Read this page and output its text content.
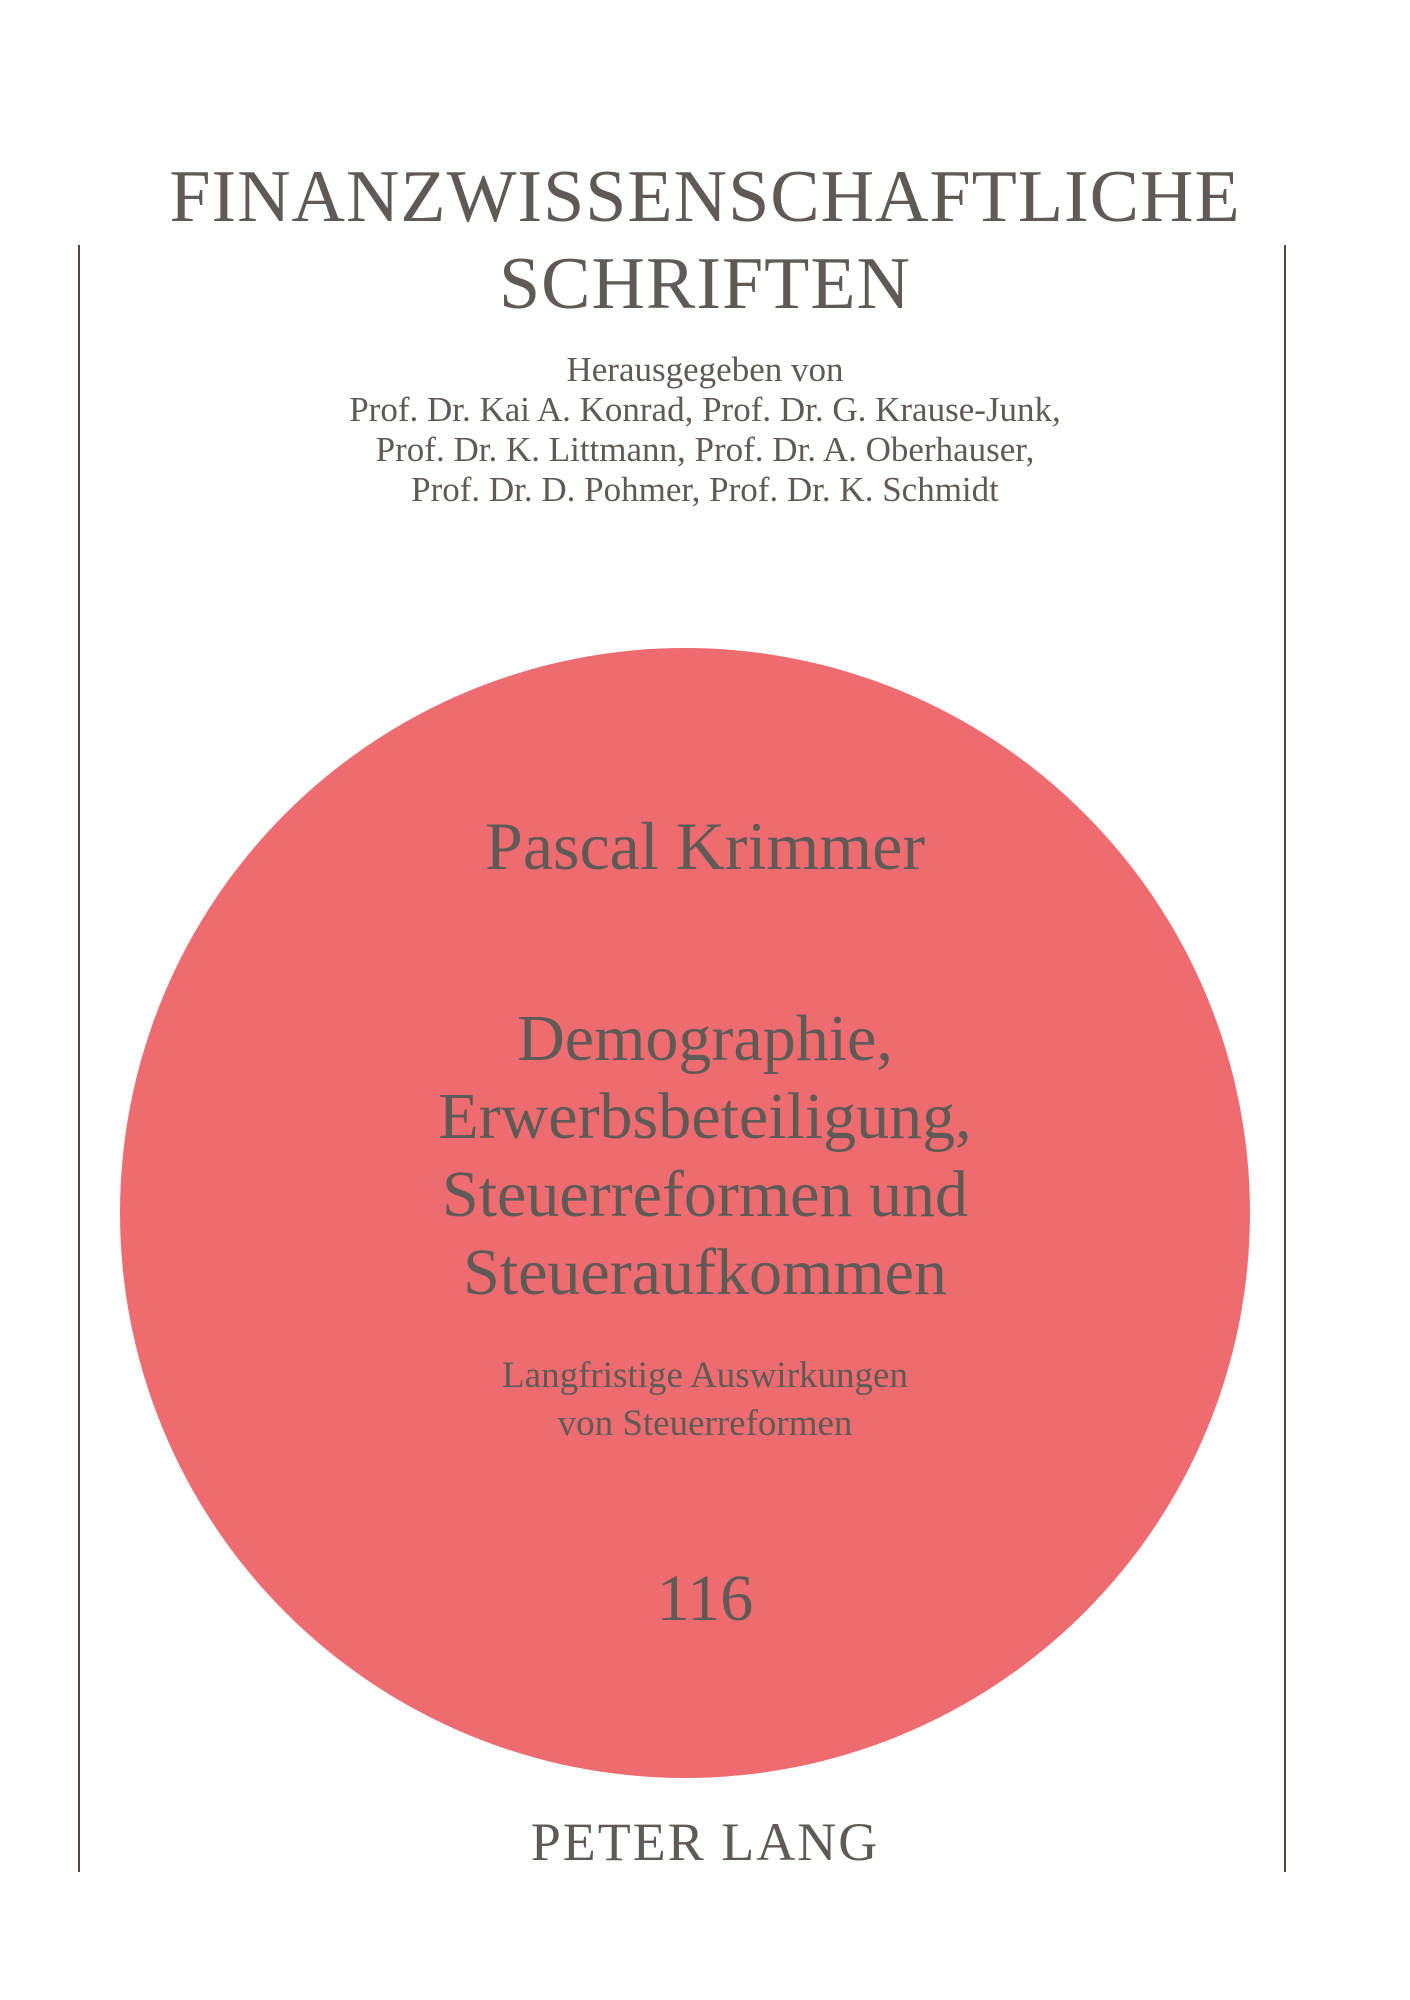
FINANZWISSENSCHAFTLICHE
SCHRIFTEN
Herausgegeben von
Prof. Dr. Kai A. Konrad, Prof. Dr. G. Krause-Junk,
Prof. Dr. K. Littmann, Prof. Dr. A. Oberhauser,
Prof. Dr. D. Pohmer, Prof. Dr. K. Schmidt
Pascal Krimmer
Demographie,
Erwerbsbeteiligung,
Steuerreformen und
Steueraufkommen
Langfristige Auswirkungen
von Steuerreformen
116
PETER LANG
